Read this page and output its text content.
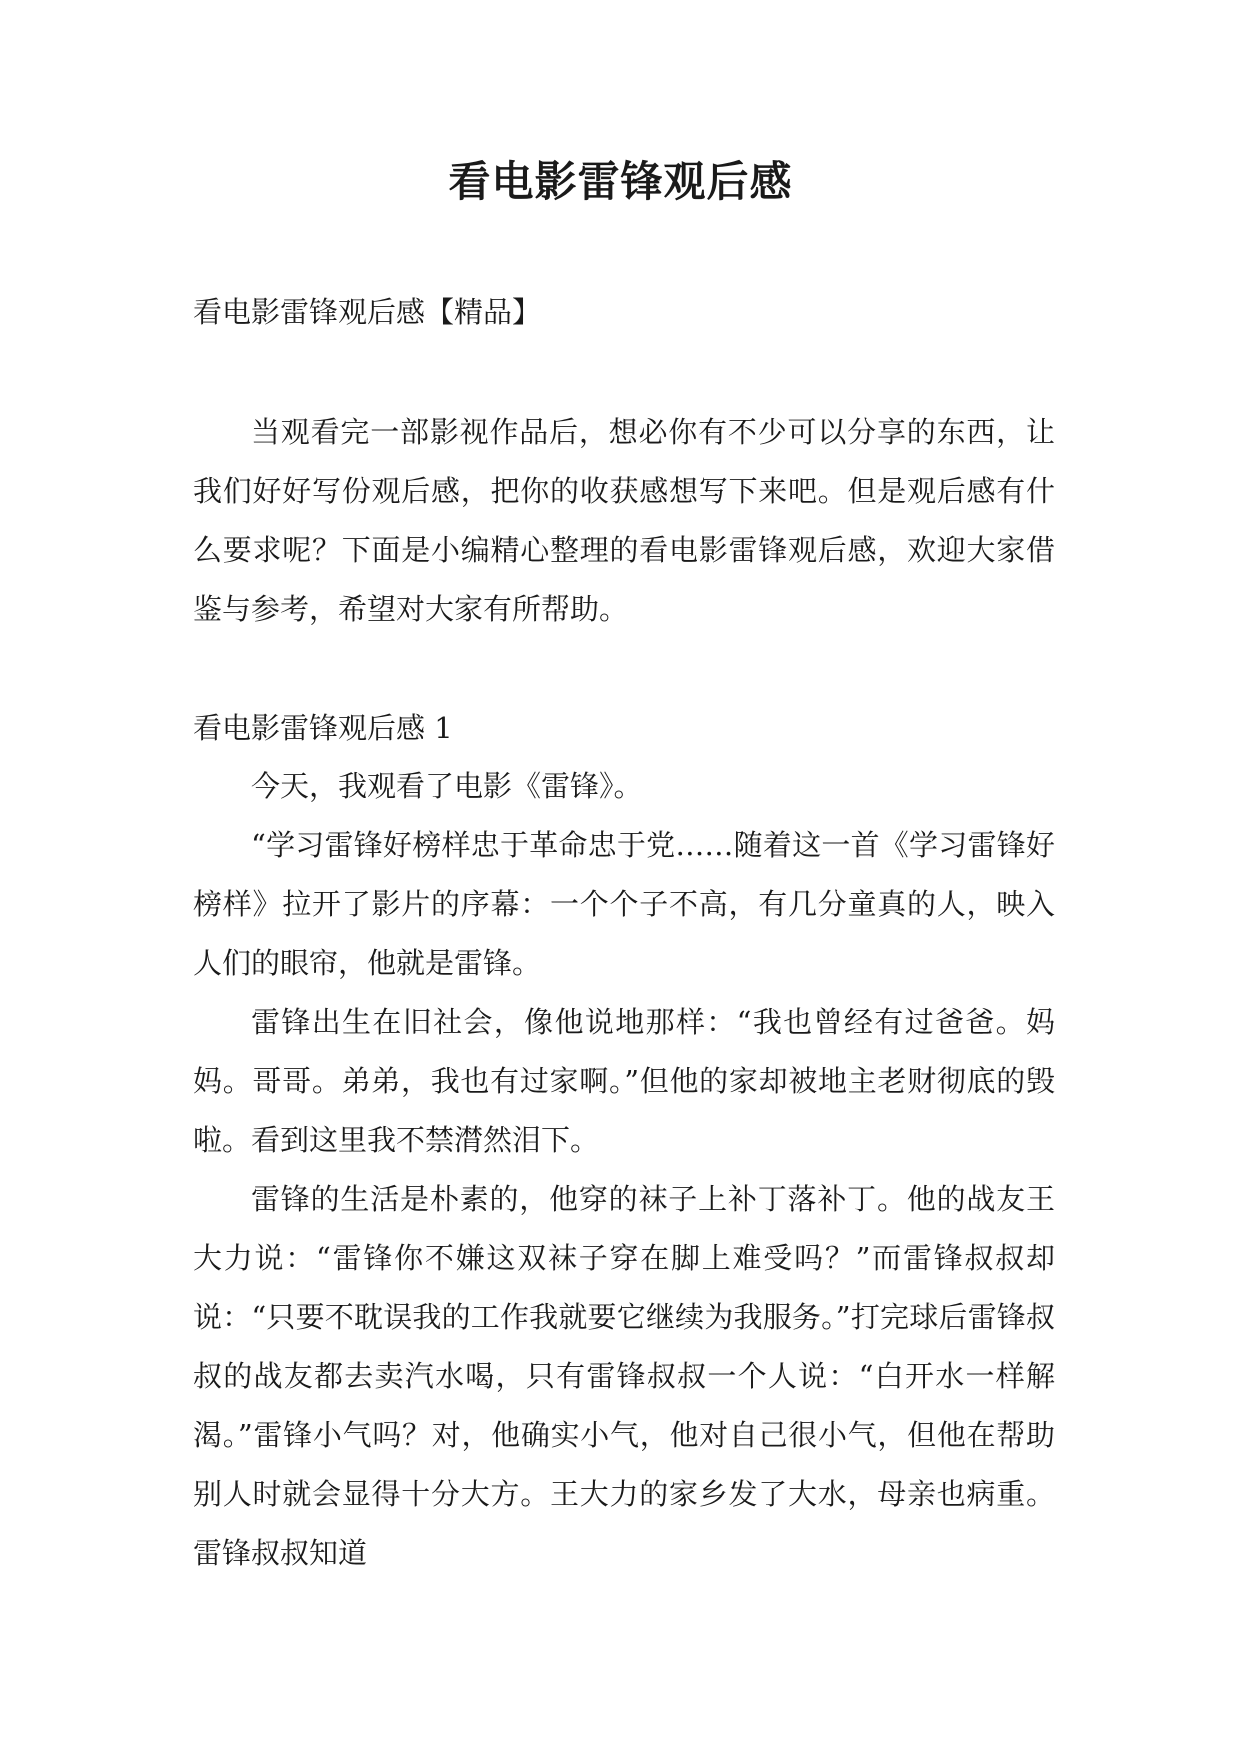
看电影雷锋观后感
看电影雷锋观后感【精品】

当观看完一部影视作品后，想必你有不少可以分享的东西，让我们好好写份观后感，把你的收获感想写下来吧。但是观后感有什么要求呢？下面是小编精心整理的看电影雷锋观后感，欢迎大家借鉴与参考，希望对大家有所帮助。

看电影雷锋观后感 1

今天，我观看了电影《雷锋》。

“学习雷锋好榜样忠于革命忠于党……随着这一首《学习雷锋好榜样》拉开了影片的序幕：一个个子不高，有几分童真的人，映入人们的眼帘，他就是雷锋。

雷锋出生在旧社会，像他说地那样：“我也曾经有过爸爸。妈妈。哥哥。弟弟，我也有过家啊。”但他的家却被地主老财彻底的毁啦。看到这里我不禁潸然泪下。

雷锋的生活是朴素的，他穿的袜子上补丁落补丁。他的战友王大力说：“雷锋你不嫌这双袜子穿在脚上难受吗？”而雷锋叔叔却说：“只要不耽误我的工作我就要它继续为我服务。”打完球后雷锋叔叔的战友都去卖汽水喝，只有雷锋叔叔一个人说：“白开水一样解渴。”雷锋小气吗？对，他确实小气，他对自己很小气，但他在帮助别人时就会显得十分大方。王大力的家乡发了大水，母亲也病重。雷锋叔叔知道
